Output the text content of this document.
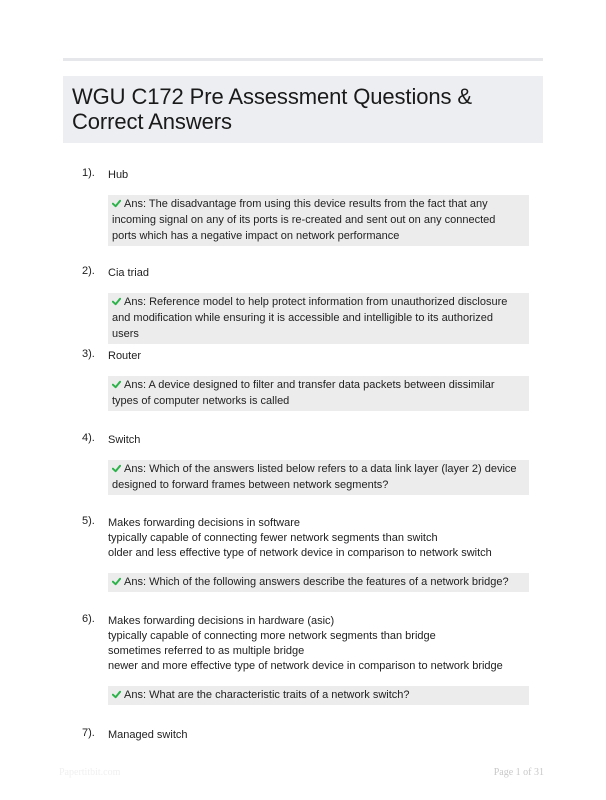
WGU C172 Pre Assessment Questions & Correct Answers
1).	Hub
Ans: The disadvantage from using this device results from the fact that any incoming signal on any of its ports is re-created and sent out on any connected ports which has a negative impact on network performance
2).	Cia triad
Ans: Reference model to help protect information from unauthorized disclosure and modification while ensuring it is accessible and intelligible to its authorized users
3).	Router
Ans: A device designed to filter and transfer data packets between dissimilar types of computer networks is called
4).	Switch
Ans: Which of the answers listed below refers to a data link layer (layer 2) device designed to forward frames between network segments?
5).	Makes forwarding decisions in software
typically capable of connecting fewer network segments than switch
older and less effective type of network device in comparison to network switch
Ans: Which of the following answers describe the features of a network bridge?
6).	Makes forwarding decisions in hardware (asic)
typically capable of connecting more network segments than bridge
sometimes referred to as multiple bridge
newer and more effective type of network device in comparison to network bridge
Ans: What are the characteristic traits of a network switch?
7).	Managed switch
Papertitbit.com	Page 1 of 31
